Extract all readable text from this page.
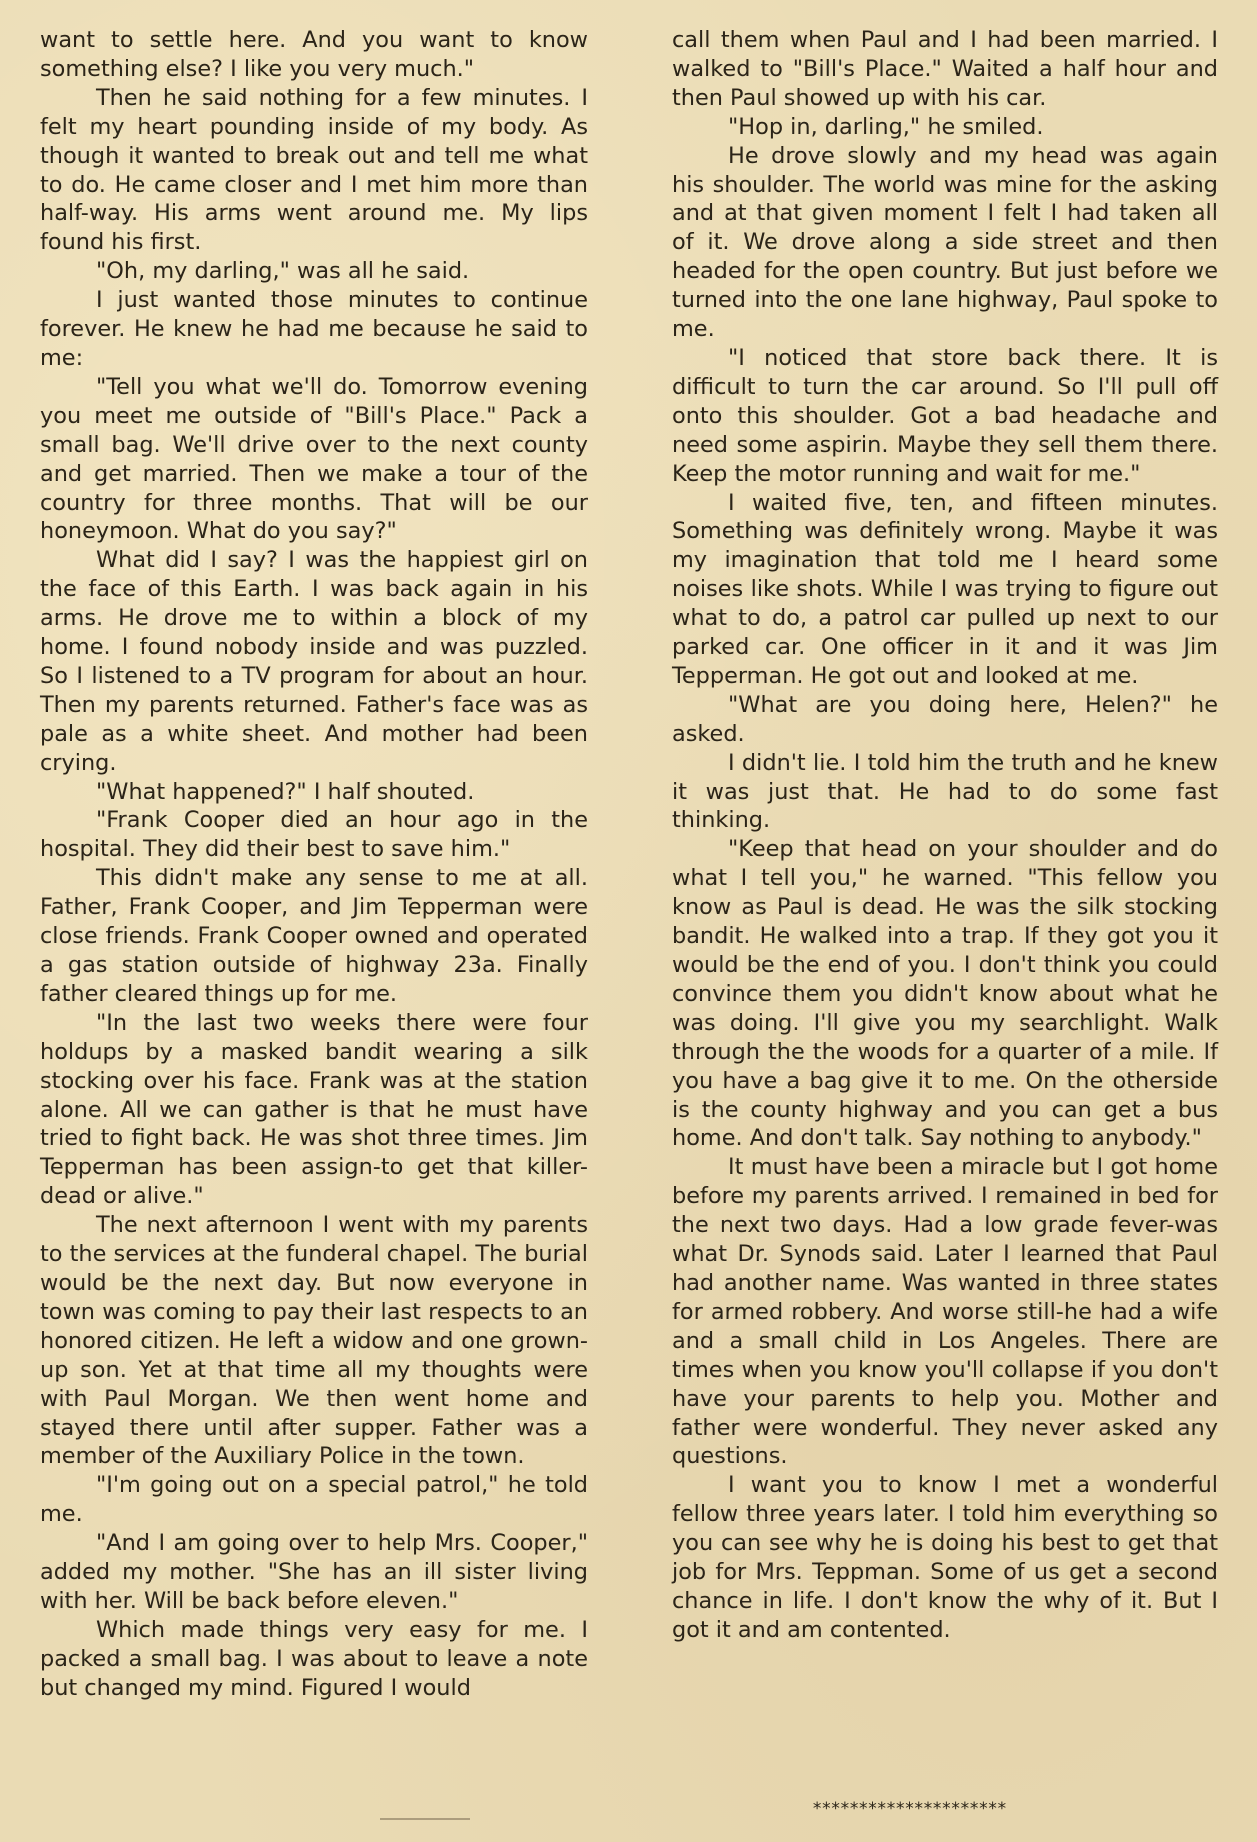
want to settle here. And you want to know something else? I like you very much."

Then he said nothing for a few minutes. I felt my heart pounding inside of my body. As though it wanted to break out and tell me what to do. He came closer and I met him more than half-way. His arms went around me. My lips found his first.

"Oh, my darling," was all he said.

I just wanted those minutes to continue forever. He knew he had me because he said to me:

"Tell you what we'll do. Tomorrow evening you meet me outside of "Bill's Place." Pack a small bag. We'll drive over to the next county and get married. Then we make a tour of the country for three months. That will be our honeymoon. What do you say?"

What did I say? I was the happiest girl on the face of this Earth. I was back again in his arms. He drove me to within a block of my home. I found nobody inside and was puzzled. So I listened to a TV program for about an hour. Then my parents returned. Father's face was as pale as a white sheet. And mother had been crying.

"What happened?" I half shouted.

"Frank Cooper died an hour ago in the hospital. They did their best to save him."

This didn't make any sense to me at all. Father, Frank Cooper, and Jim Tepperman were close friends. Frank Cooper owned and operated a gas station outside of highway 23a. Finally father cleared things up for me.

"In the last two weeks there were four holdups by a masked bandit wearing a silk stocking over his face. Frank was at the station alone. All we can gather is that he must have tried to fight back. He was shot three times. Jim Tepperman has been assign-to get that killer-dead or alive."

The next afternoon I went with my parents to the services at the funderal chapel. The burial would be the next day. But now everyone in town was coming to pay their last respects to an honored citizen. He left a widow and one grown-up son. Yet at that time all my thoughts were with Paul Morgan. We then went home and stayed there until after supper. Father was a member of the Auxiliary Police in the town.

"I'm going out on a special patrol," he told me.

"And I am going over to help Mrs. Cooper," added my mother. "She has an ill sister living with her. Will be back before eleven."

Which made things very easy for me. I packed a small bag. I was about to leave a note but changed my mind. Figured I would

call them when Paul and I had been married. I walked to "Bill's Place." Waited a half hour and then Paul showed up with his car.

"Hop in, darling," he smiled.

He drove slowly and my head was again his shoulder. The world was mine for the asking and at that given moment I felt I had taken all of it. We drove along a side street and then headed for the open country. But just before we turned into the one lane highway, Paul spoke to me.

"I noticed that store back there. It is difficult to turn the car around. So I'll pull off onto this shoulder. Got a bad headache and need some aspirin. Maybe they sell them there. Keep the motor running and wait for me."

I waited five, ten, and fifteen minutes. Something was definitely wrong. Maybe it was my imagination that told me I heard some noises like shots. While I was trying to figure out what to do, a patrol car pulled up next to our parked car. One officer in it and it was Jim Tepperman. He got out and looked at me.

"What are you doing here, Helen?" he asked.

I didn't lie. I told him the truth and he knew it was just that. He had to do some fast thinking.

"Keep that head on your shoulder and do what I tell you," he warned. "This fellow you know as Paul is dead. He was the silk stocking bandit. He walked into a trap. If they got you it would be the end of you. I don't think you could convince them you didn't know about what he was doing. I'll give you my searchlight. Walk through the the woods for a quarter of a mile. If you have a bag give it to me. On the otherside is the county highway and you can get a bus home. And don't talk. Say nothing to anybody."

It must have been a miracle but I got home before my parents arrived. I remained in bed for the next two days. Had a low grade fever-was what Dr. Synods said. Later I learned that Paul had another name. Was wanted in three states for armed robbery. And worse still-he had a wife and a small child in Los Angeles. There are times when you know you'll collapse if you don't have your parents to help you. Mother and father were wonderful. They never asked any questions.

I want you to know I met a wonderful fellow three years later. I told him everything so you can see why he is doing his best to get that job for Mrs. Teppman. Some of us get a second chance in life. I don't know the why of it. But I got it and am contented.

*********************
